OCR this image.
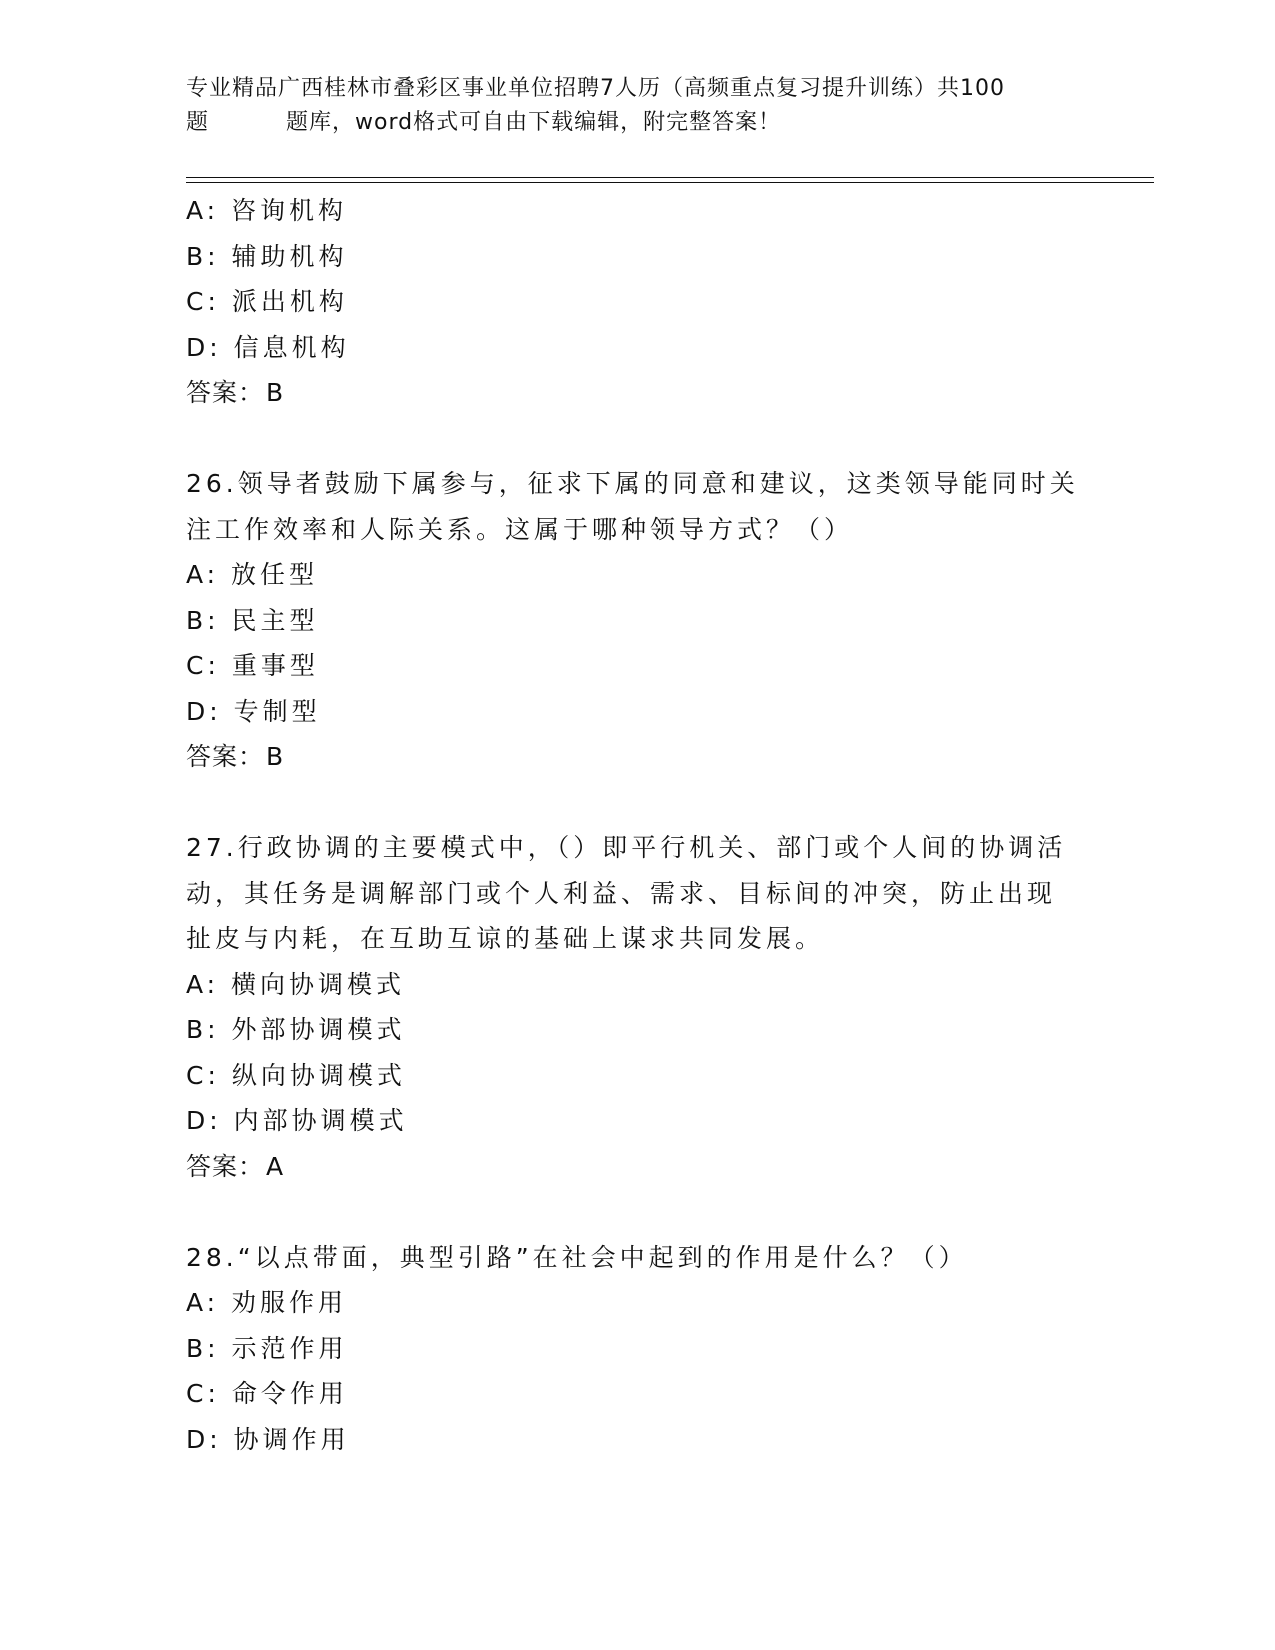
专业精品广西桂林市叠彩区事业单位招聘7人历（高频重点复习提升训练）共100
题	题库，word格式可自由下载编辑，附完整答案！
A: 咨询机构
B: 辅助机构
C: 派出机构
D: 信息机构
答案：B
26.领导者鼓励下属参与，征求下属的同意和建议，这类领导能同时关
注工作效率和人际关系。这属于哪种领导方式？（）
A: 放任型
B: 民主型
C: 重事型
D: 专制型
答案：B
27.行政协调的主要模式中，（）即平行机关、部门或个人间的协调活
动，其任务是调解部门或个人利益、需求、目标间的冲突，防止出现
扯皮与内耗，在互助互谅的基础上谋求共同发展。
A: 横向协调模式
B: 外部协调模式
C: 纵向协调模式
D: 内部协调模式
答案：A
28.“以点带面，典型引路”在社会中起到的作用是什么？（）
A: 劝服作用
B: 示范作用
C: 命令作用
D: 协调作用
